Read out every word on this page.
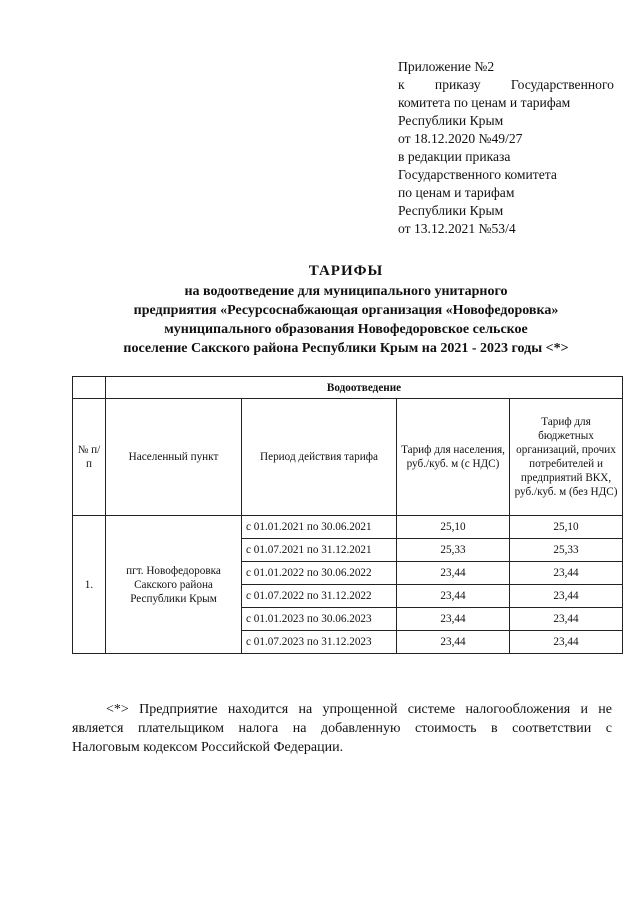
Приложение №2
к приказу Государственного
комитета по ценам и тарифам
Республики Крым
от 18.12.2020 №49/27
в редакции приказа
Государственного комитета
по ценам и тарифам
Республики Крым
от 13.12.2021 №53/4
ТАРИФЫ
на водоотведение для муниципального унитарного
предприятия «Ресурсоснабжающая организация «Новофедоровка»
муниципального образования Новофедоровское сельское
поселение Сакского района Республики Крым на 2021 - 2023 годы <*>
	Водоотведение			
№ п/п	Населенный пункт	Период действия тарифа	Тариф для населения, руб./куб. м (с НДС)	Тариф для бюджетных организаций, прочих потребителей и предприятий ВКХ, руб./куб. м (без НДС)
1.	пгт. Новофедоровка Сакского района Республики Крым	с 01.01.2021 по 30.06.2021	25,10	25,10
		с 01.07.2021 по 31.12.2021	25,33	25,33
		с 01.01.2022 по 30.06.2022	23,44	23,44
		с 01.07.2022 по 31.12.2022	23,44	23,44
		с 01.01.2023 по 30.06.2023	23,44	23,44
		с 01.07.2023 по 31.12.2023	23,44	23,44
<*> Предприятие находится на упрощенной системе налогообложения и не
является плательщиком налога на добавленную стоимость в соответствии с
Налоговым кодексом Российской Федерации.
